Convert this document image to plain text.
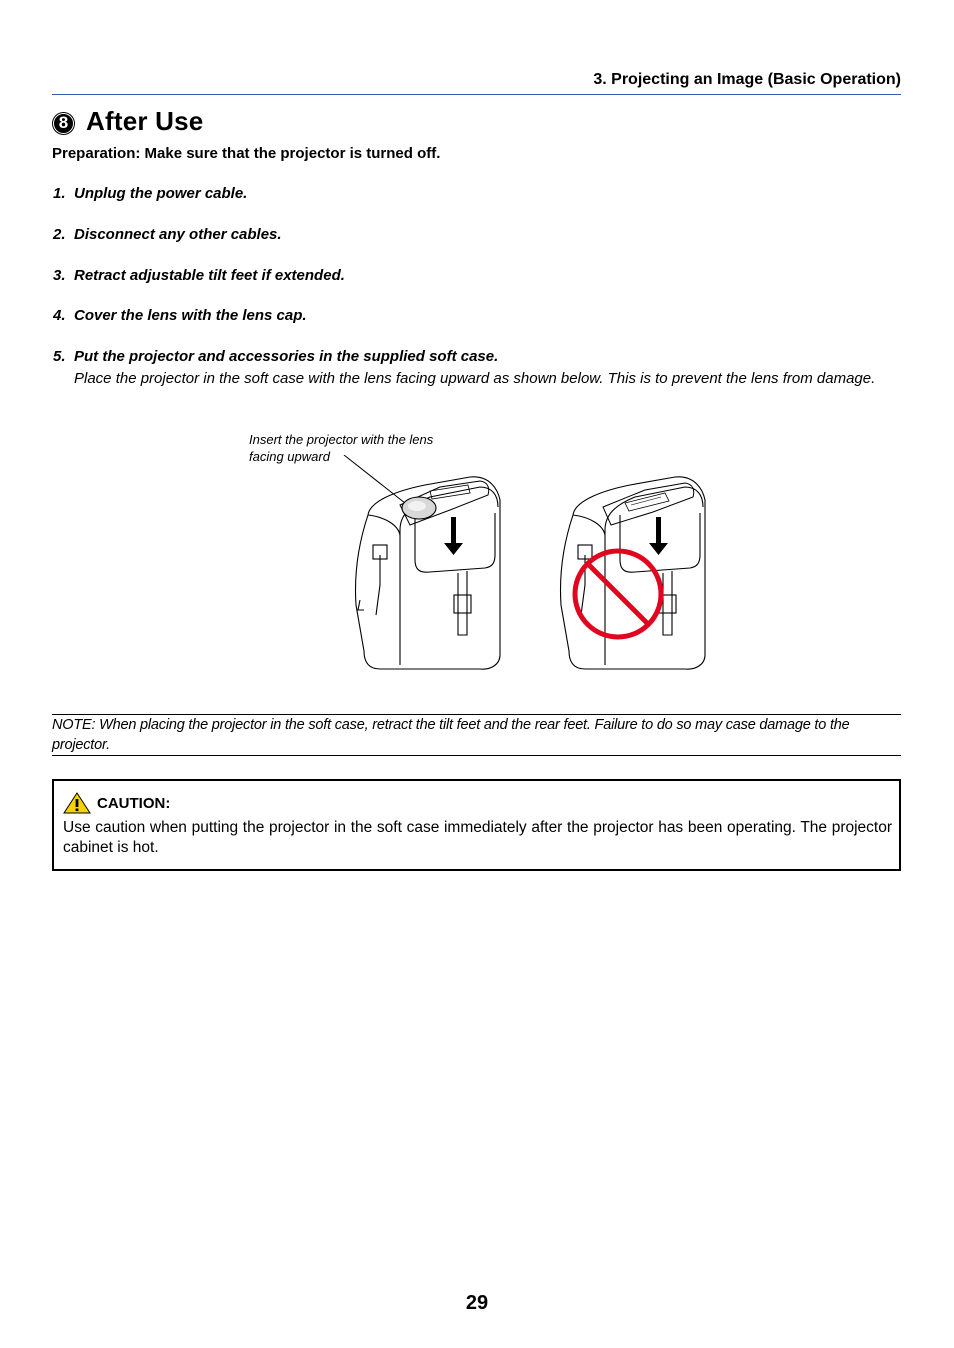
3. Projecting an Image (Basic Operation)
8 After Use
Preparation: Make sure that the projector is turned off.
1. Unplug the power cable.
2. Disconnect any other cables.
3. Retract adjustable tilt feet if extended.
4. Cover the lens with the lens cap.
5. Put the projector and accessories in the supplied soft case.
Place the projector in the soft case with the lens facing upward as shown below. This is to prevent the lens from damage.
Insert the projector with the lens
facing upward

NOTE: When placing the projector in the soft case, retract the tilt feet and the rear feet. Failure to do so may case damage to the projector.

CAUTION:
Use caution when putting the projector in the soft case immediately after the projector has been operating. The projector cabinet is hot.
29
